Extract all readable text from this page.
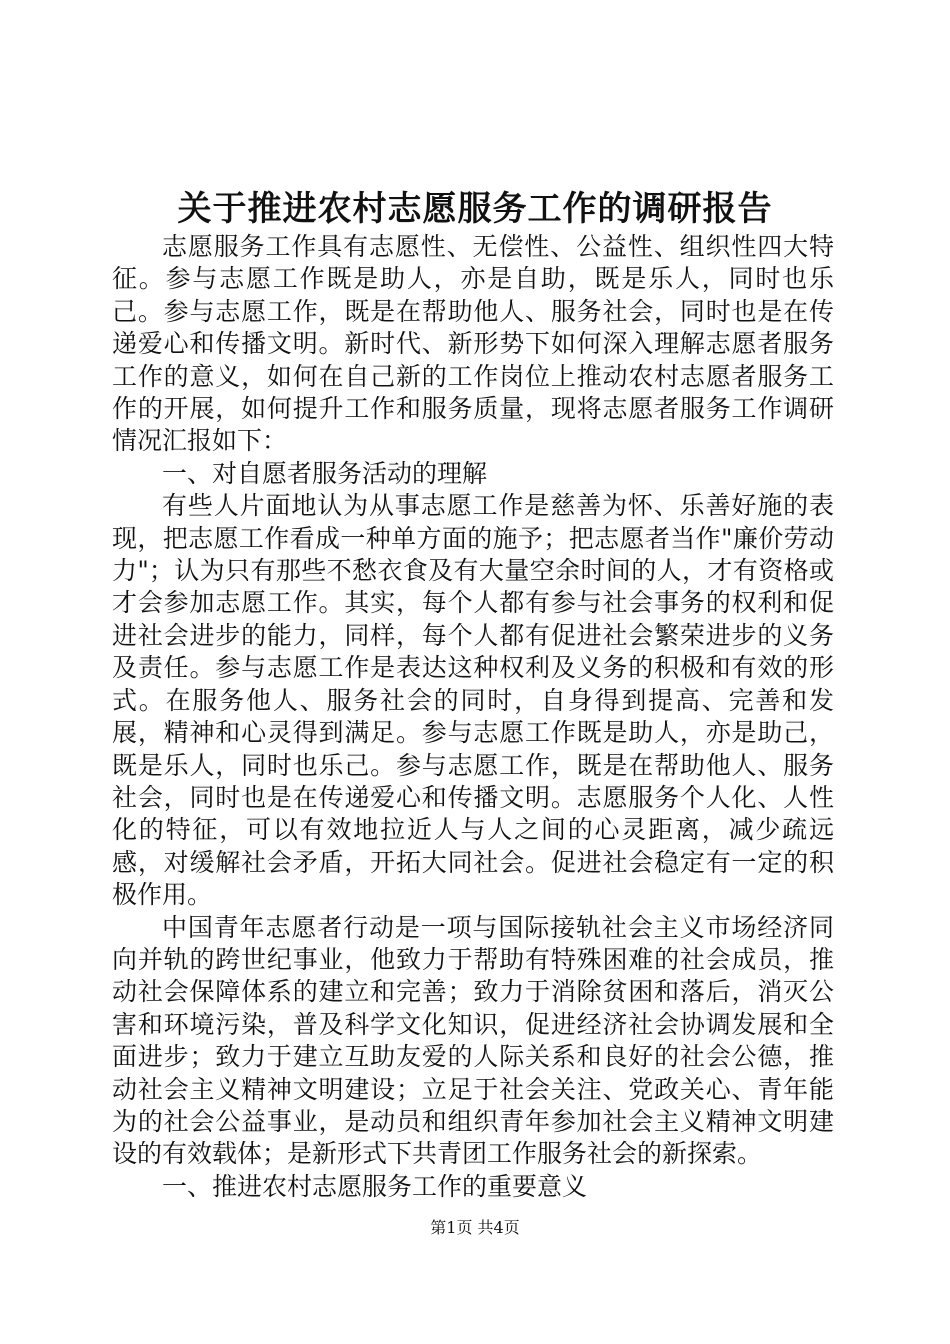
关于推进农村志愿服务工作的调研报告

志愿服务工作具有志愿性、无偿性、公益性、组织性四大特征。参与志愿工作既是助人，亦是自助，既是乐人，同时也乐己。参与志愿工作，既是在帮助他人、服务社会，同时也是在传递爱心和传播文明。新时代、新形势下如何深入理解志愿者服务工作的意义，如何在自己新的工作岗位上推动农村志愿者服务工作的开展，如何提升工作和服务质量，现将志愿者服务工作调研情况汇报如下：

一、对自愿者服务活动的理解

有些人片面地认为从事志愿工作是慈善为怀、乐善好施的表现，把志愿工作看成一种单方面的施予；把志愿者当作"廉价劳动力"；认为只有那些不愁衣食及有大量空余时间的人，才有资格或才会参加志愿工作。其实，每个人都有参与社会事务的权利和促进社会进步的能力，同样，每个人都有促进社会繁荣进步的义务及责任。参与志愿工作是表达这种权利及义务的积极和有效的形式。在服务他人、服务社会的同时，自身得到提高、完善和发展，精神和心灵得到满足。参与志愿工作既是助人，亦是助己，既是乐人，同时也乐己。参与志愿工作，既是在帮助他人、服务社会，同时也是在传递爱心和传播文明。志愿服务个人化、人性化的特征，可以有效地拉近人与人之间的心灵距离，减少疏远感，对缓解社会矛盾，开拓大同社会。促进社会稳定有一定的积极作用。

中国青年志愿者行动是一项与国际接轨社会主义市场经济同向并轨的跨世纪事业，他致力于帮助有特殊困难的社会成员，推动社会保障体系的建立和完善；致力于消除贫困和落后，消灭公害和环境污染，普及科学文化知识，促进经济社会协调发展和全面进步；致力于建立互助友爱的人际关系和良好的社会公德，推动社会主义精神文明建设；立足于社会关注、党政关心、青年能为的社会公益事业，是动员和组织青年参加社会主义精神文明建设的有效载体；是新形式下共青团工作服务社会的新探索。

一、推进农村志愿服务工作的重要意义

第1页 共4页
